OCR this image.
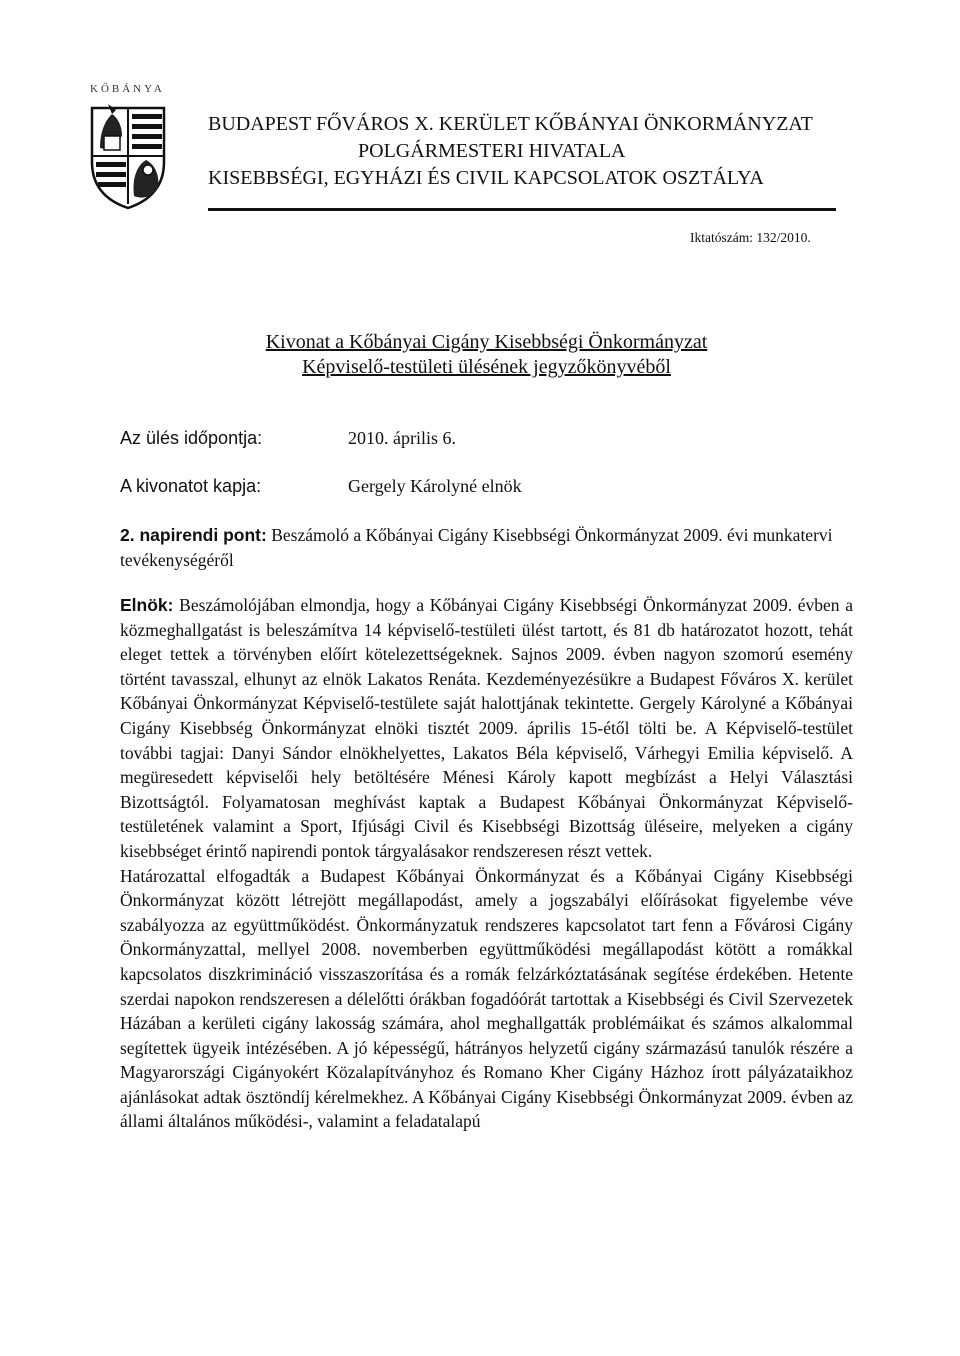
KŐBÁNYA
BUDAPEST FŐVÁROS X. KERÜLET KŐBÁNYAI ÖNKORMÁNYZAT
POLGÁRMESTERI HIVATALA
KISEBBSÉGI, EGYHÁZI ÉS CIVIL KAPCSOLATOK OSZTÁLYA
Iktatószám: 132/2010.
Kivonat a Kőbányai Cigány Kisebbségi Önkormányzat
Képviselő-testületi ülésének jegyzőkönyvéből
Az ülés időpontja:	2010. április 6.
A kivonatot kapja:	Gergely Károlyné elnök
2. napirendi pont: Beszámoló a Kőbányai Cigány Kisebbségi Önkormányzat 2009. évi munkatervi tevékenységéről

Elnök: Beszámolójában elmondja, hogy a Kőbányai Cigány Kisebbségi Önkormányzat 2009. évben a közmeghallgatást is beleszámítva 14 képviselő-testületi ülést tartott, és 81 db határozatot hozott, tehát eleget tettek a törvényben előírt kötelezettségeknek. Sajnos 2009. évben nagyon szomorú esemény történt tavasszal, elhunyt az elnök Lakatos Renáta. Kezdeményezésükre a Budapest Főváros X. kerület Kőbányai Önkormányzat Képviselő-testülete saját halottjának tekintette. Gergely Károlyné a Kőbányai Cigány Kisebbség Önkormányzat elnöki tisztét 2009. április 15-étől tölti be. A Képviselő-testület további tagjai: Danyi Sándor elnökhelyettes, Lakatos Béla képviselő, Várhegyi Emilia képviselő. A megüresedett képviselői hely betöltésére Ménesi Károly kapott megbízást a Helyi Választási Bizottságtól. Folyamatosan meghívást kaptak a Budapest Kőbányai Önkormányzat Képviselő-testületének valamint a Sport, Ifjúsági Civil és Kisebbségi Bizottság üléseire, melyeken a cigány kisebbséget érintő napirendi pontok tárgyalásakor rendszeresen részt vettek.

Határozattal elfogadták a Budapest Kőbányai Önkormányzat és a Kőbányai Cigány Kisebbségi Önkormányzat között létrejött megállapodást, amely a jogszabályi előírásokat figyelembe véve szabályozza az együttműködést. Önkormányzatuk rendszeres kapcsolatot tart fenn a Fővárosi Cigány Önkormányzattal, mellyel 2008. novemberben együttműködési megállapodást kötött a romákkal kapcsolatos diszkrimináció visszaszorítása és a romák felzárkóztatásának segítése érdekében. Hetente szerdai napokon rendszeresen a délelőtti órákban fogadóórát tartottak a Kisebbségi és Civil Szervezetek Házában a kerületi cigány lakosság számára, ahol meghallgatták problémáikat és számos alkalommal segítettek ügyeik intézésében. A jó képességű, hátrányos helyzetű cigány származású tanulók részére a Magyarországi Cigányokért Közalapítványhoz és Romano Kher Cigány Házhoz írott pályázataikhoz ajánlásokat adtak ösztöndíj kérelmekhez. A Kőbányai Cigány Kisebbségi Önkormányzat 2009. évben az állami általános működési-, valamint a feladatalapú
